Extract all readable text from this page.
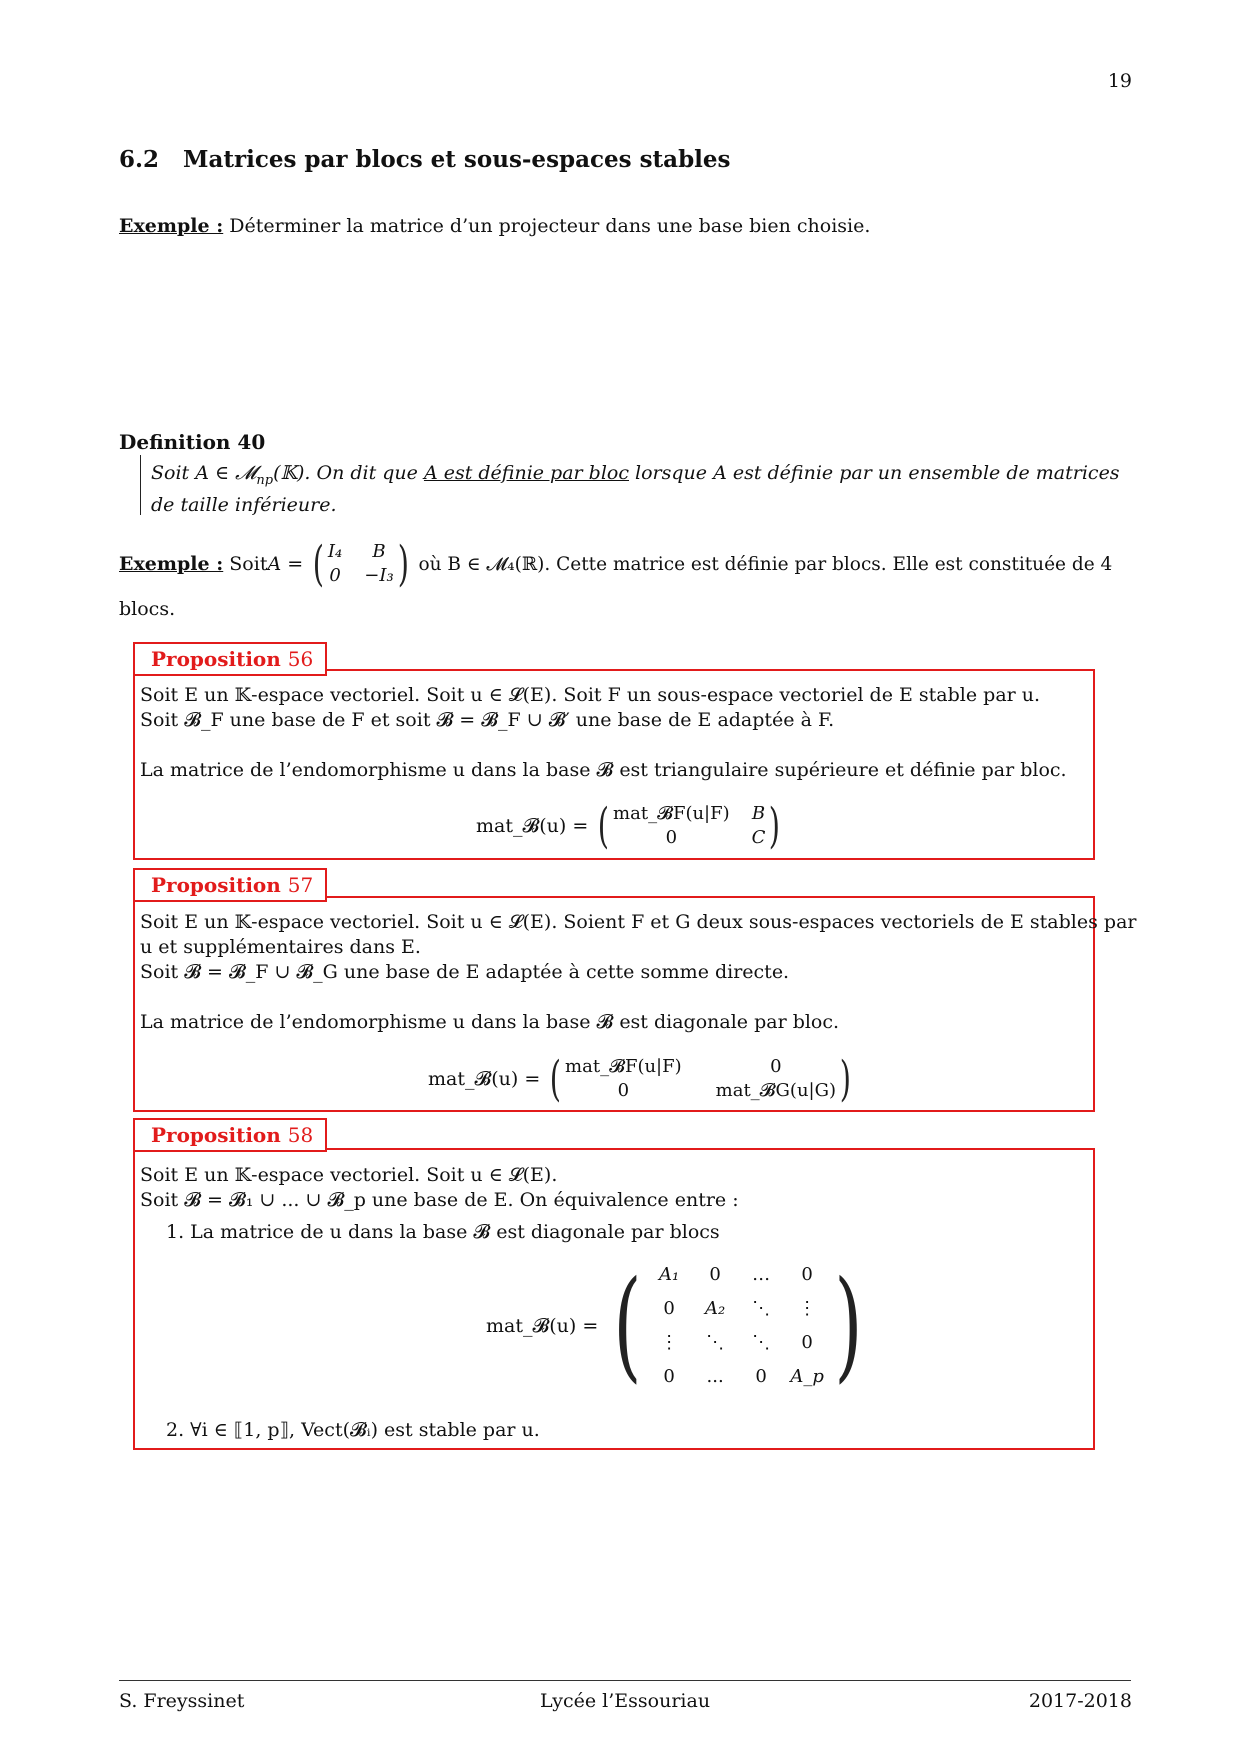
19
6.2 Matrices par blocs et sous-espaces stables
Exemple : Déterminer la matrice d’un projecteur dans une base bien choisie.
Definition 40
Soit A ∈ 𝓜$_{np}$(𝕂). On dit que A est définie par bloc lorsque A est définie par un ensemble de matrices de taille inférieure.
Exemple :
Soit A =
( I₄	B
0 −I₃ )
où B ∈ 𝓜₄(ℝ). Cette matrice est définie par blocs. Elle est constituée de 4
blocs.
Proposition 56
Soit E un 𝕂-espace vectoriel. Soit u ∈ 𝓛(E). Soit F un sous-espace vectoriel de E stable par u.
Soit 𝓑_F une base de F et soit 𝓑 = 𝓑_F ∪ 𝓑′ une base de E adaptée à F.
La matrice de l’endomorphisme u dans la base 𝓑 est triangulaire supérieure et définie par bloc.
mat_𝓑(u) =
( mat_𝓑F(u|F) B
0	C )
Proposition 57
Soit E un 𝕂-espace vectoriel. Soit u ∈ 𝓛(E). Soient F et G deux sous-espaces vectoriels de E stables par
u et supplémentaires dans E.
Soit 𝓑 = 𝓑_F ∪ 𝓑_G une base de E adaptée à cette somme directe.
La matrice de l’endomorphisme u dans la base 𝓑 est diagonale par bloc.
mat_𝓑(u) =
( mat_𝓑F(u|F)	0
0	mat_𝓑G(u|G) )
Proposition 58
Soit E un 𝕂-espace vectoriel. Soit u ∈ 𝓛(E).
Soit 𝓑 = 𝓑₁ ∪ ... ∪ 𝓑_p une base de E. On équivalence entre :
1. La matrice de u dans la base 𝓑 est diagonale par blocs
mat_𝓑(u) =
( A₁	0	…	0
0	A₂	⋱	⋮
⋮	⋱	⋱	0
0	...	0	A_p )
2. ∀i ∈ ⟦1, p⟧, Vect(𝓑ᵢ) est stable par u.
S. Freyssinet	Lycée l’Essouriau	2017-2018
